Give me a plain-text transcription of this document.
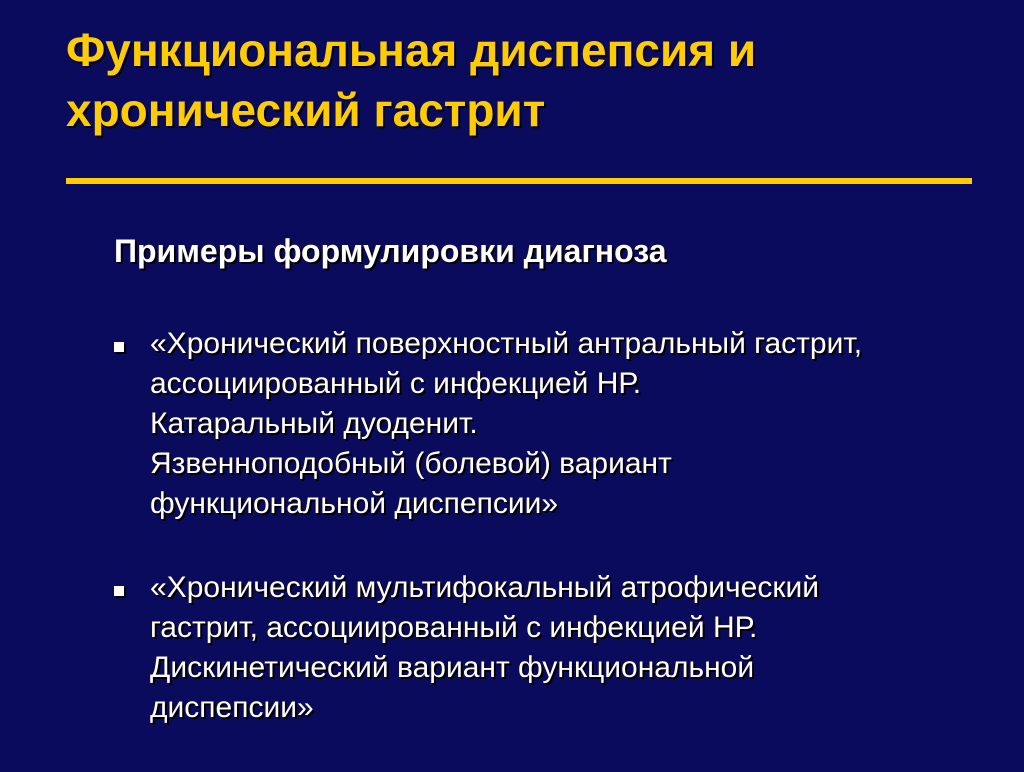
Функциональная диспепсия и
хронический гастрит
Примеры формулировки диагноза
«Хронический поверхностный антральный гастрит,
ассоциированный с инфекцией НР.
Катаральный дуоденит.
Язвенноподобный (болевой) вариант
функциональной диспепсии»
«Хронический мультифокальный атрофический
гастрит, ассоциированный с инфекцией НР.
Дискинетический вариант функциональной
диспепсии»
